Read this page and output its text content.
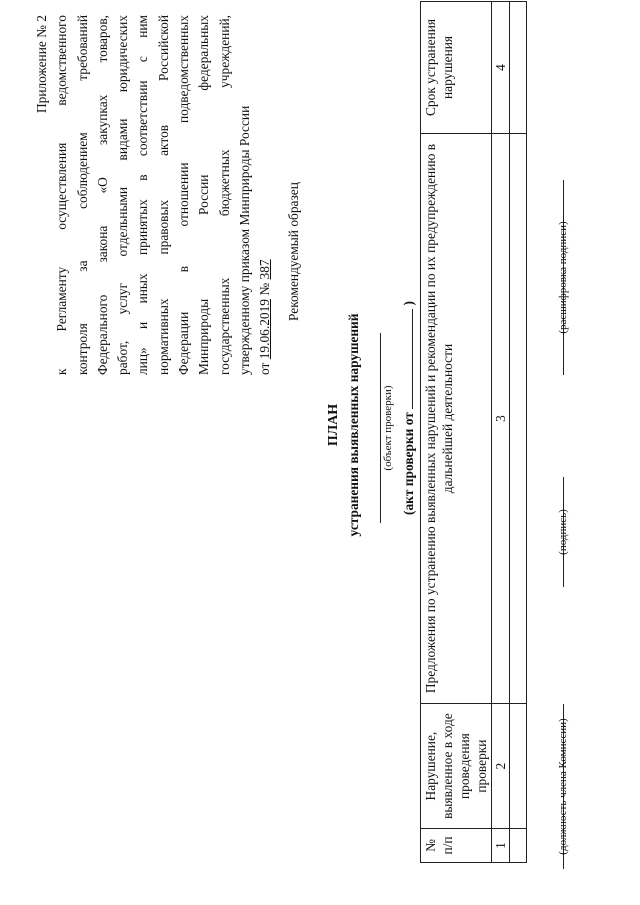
Приложение № 2 к Регламенту осуществления ведомственного контроля за соблюдением требований Федерального закона «О закупках товаров, работ, услуг отдельными видами юридических лиц» и иных принятых в соответствии с ним нормативных правовых актов Российской Федерации в отношении подведомственных Минприроды России федеральных государственных бюджетных учреждений, утвержденному приказом Минприроды России от 19.06.2019 № 387 Рекомендуемый образец
ПЛАН устранения выявленных нарушений (объект проверки) (акт проверки от  )
№ п/п	Нарушение, выявленное в ходе проведения проверки	Предложения по устранению выявленных нарушений и рекомендации по их предупреждению в дальнейшей деятельности	Срок устранения нарушения
1	2	3	4

(должность члена Комиссии)
(подпись)
(расшифровка подписи)
